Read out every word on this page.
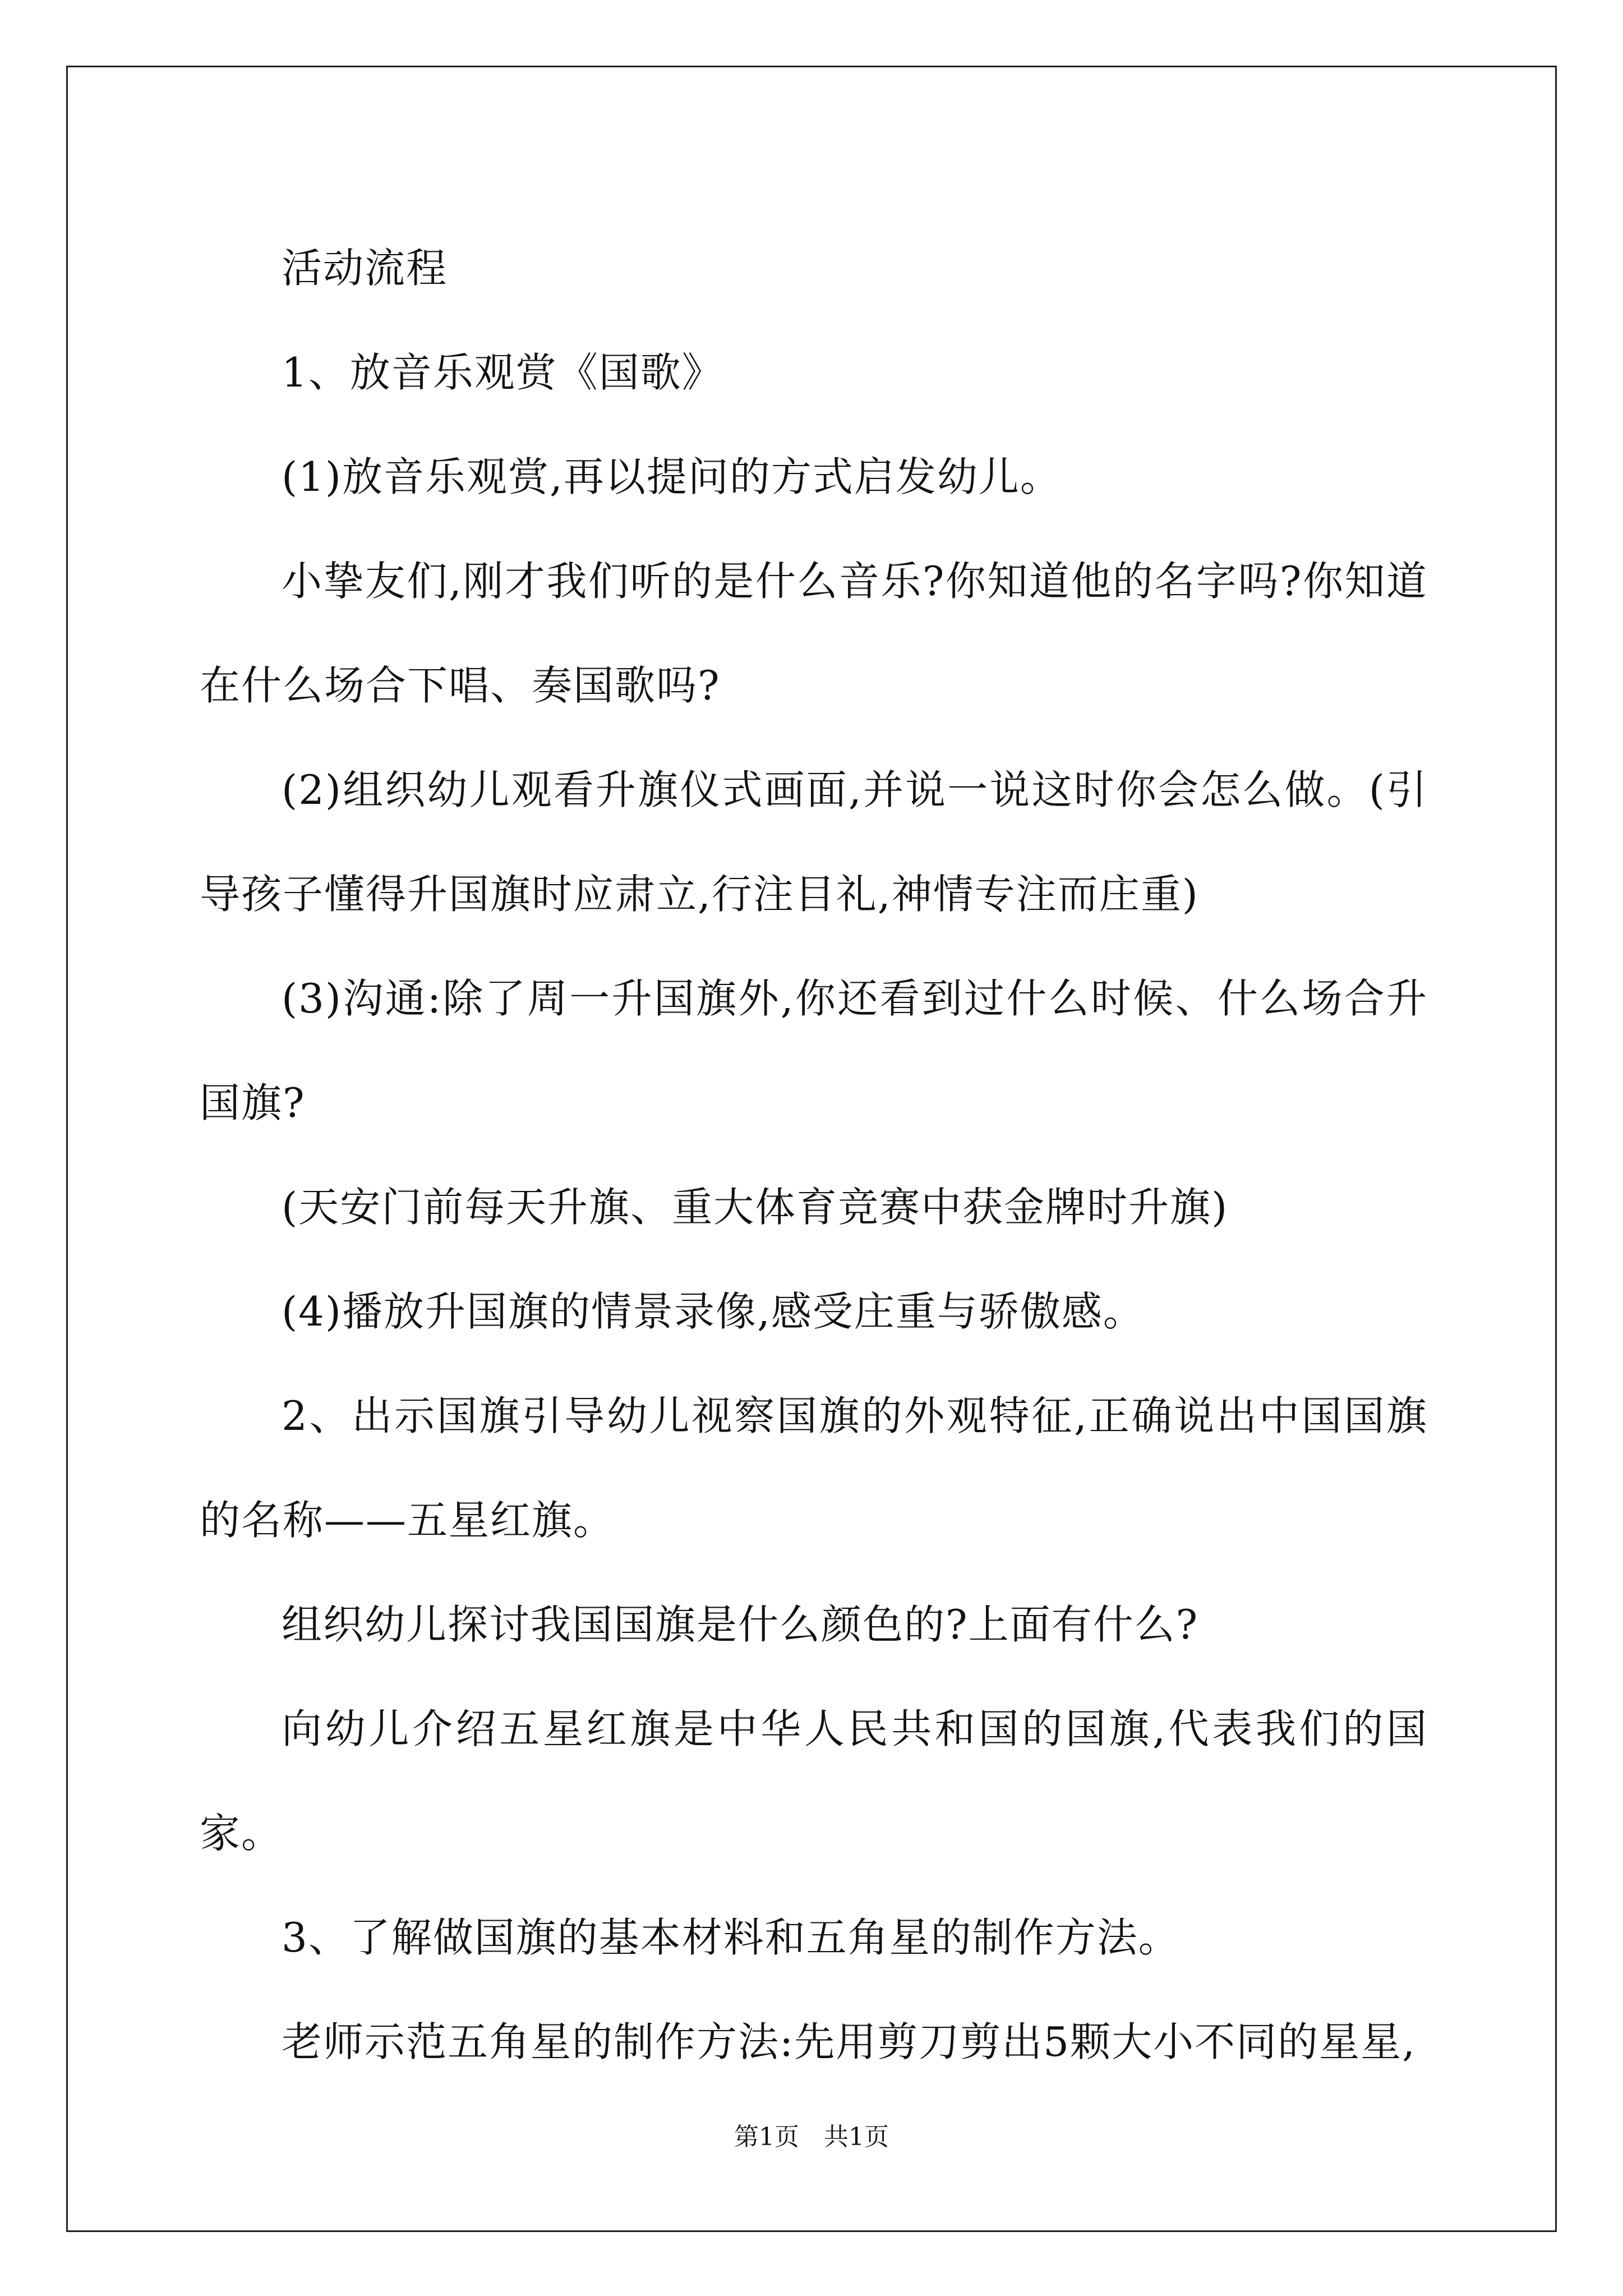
活动流程

1、放音乐观赏《国歌》

(1)放音乐观赏,再以提问的方式启发幼儿。

小挚友们,刚才我们听的是什么音乐?你知道他的名字吗?你知道在什么场合下唱、奏国歌吗?

(2)组织幼儿观看升旗仪式画面,并说一说这时你会怎么做。(引导孩子懂得升国旗时应肃立,行注目礼,神情专注而庄重)

(3)沟通:除了周一升国旗外,你还看到过什么时候、什么场合升国旗?

(天安门前每天升旗、重大体育竞赛中获金牌时升旗)

(4)播放升国旗的情景录像,感受庄重与骄傲感。

2、出示国旗引导幼儿视察国旗的外观特征,正确说出中国国旗的名称——五星红旗。

组织幼儿探讨我国国旗是什么颜色的?上面有什么?

向幼儿介绍五星红旗是中华人民共和国的国旗,代表我们的国家。

3、了解做国旗的基本材料和五角星的制作方法。

老师示范五角星的制作方法:先用剪刀剪出5颗大小不同的星星,

第1页　共1页
